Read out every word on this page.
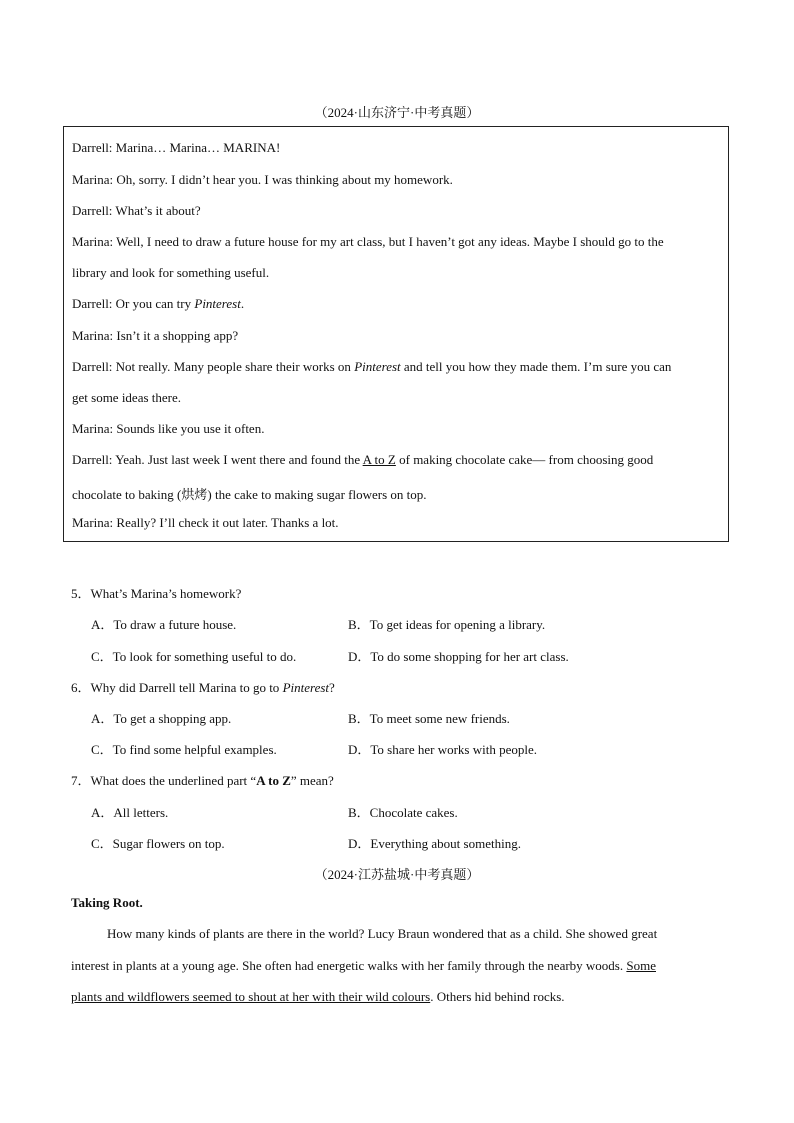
（2024·山东济宁·中考真题）
Darrell: Marina… Marina… MARINA!
Marina: Oh, sorry. I didn’t hear you. I was thinking about my homework.
Darrell: What’s it about?
Marina: Well, I need to draw a future house for my art class, but I haven’t got any ideas. Maybe I should go to the
library and look for something useful.
Darrell: Or you can try Pinterest.
Marina: Isn’t it a shopping app?
Darrell: Not really. Many people share their works on Pinterest and tell you how they made them. I’m sure you can
get some ideas there.
Marina: Sounds like you use it often.
Darrell: Yeah. Just last week I went there and found the A to Z of making chocolate cake— from choosing good
chocolate to baking (烘烤) the cake to making sugar flowers on top.
Marina: Really? I’ll check it out later. Thanks a lot.
5．What’s Marina’s homework?
A．To draw a future house.	B．To get ideas for opening a library.
C．To look for something useful to do.	D．To do some shopping for her art class.
6．Why did Darrell tell Marina to go to Pinterest?
A．To get a shopping app.	B．To meet some new friends.
C．To find some helpful examples.	D．To share her works with people.
7．What does the underlined part “A to Z” mean?
A．All letters.	B．Chocolate cakes.
C．Sugar flowers on top.	D．Everything about something.
（2024·江苏盐城·中考真题）
Taking Root.
How many kinds of plants are there in the world? Lucy Braun wondered that as a child. She showed great
interest in plants at a young age. She often had energetic walks with her family through the nearby woods. Some
plants and wildflowers seemed to shout at her with their wild colours. Others hid behind rocks.
